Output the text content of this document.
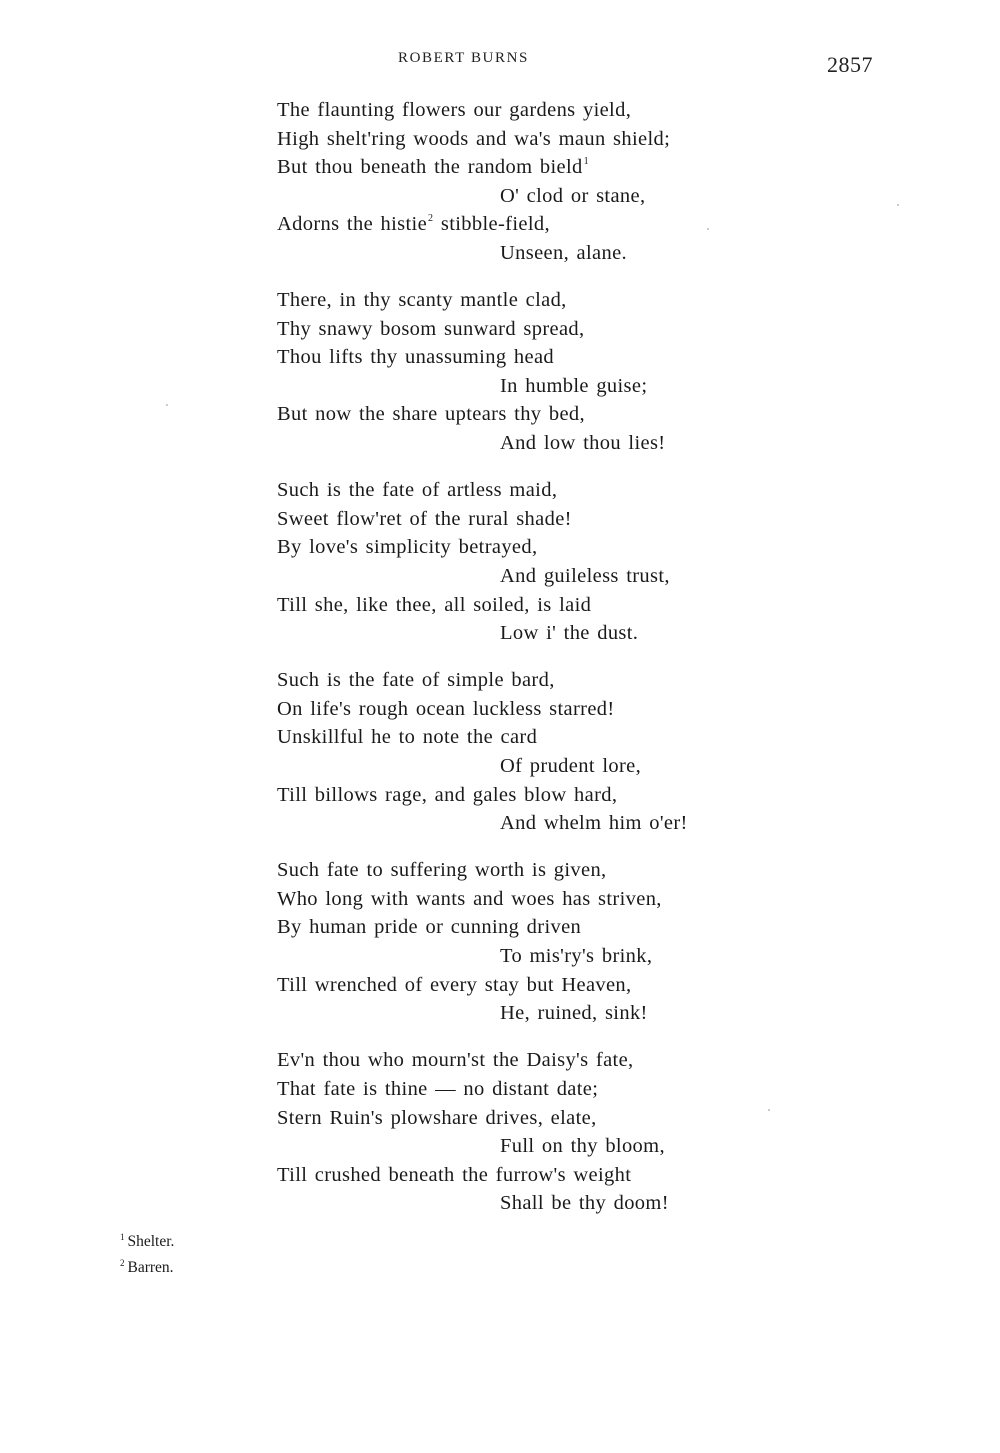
ROBERT BURNS	2857
The flaunting flowers our gardens yield,
High shelt'ring woods and wa's maun shield;
But thou beneath the random bield$^1$
O' clod or stane,
Adorns the histie$^2$ stibble-field,
Unseen, alane.
There, in thy scanty mantle clad,
Thy snawy bosom sunward spread,
Thou lifts thy unassuming head
In humble guise;
But now the share uptears thy bed,
And low thou lies!
Such is the fate of artless maid,
Sweet flow'ret of the rural shade!
By love's simplicity betrayed,
And guileless trust,
Till she, like thee, all soiled, is laid
Low i' the dust.
Such is the fate of simple bard,
On life's rough ocean luckless starred!
Unskillful he to note the card
Of prudent lore,
Till billows rage, and gales blow hard,
And whelm him o'er!
Such fate to suffering worth is given,
Who long with wants and woes has striven,
By human pride or cunning driven
To mis'ry's brink,
Till wrenched of every stay but Heaven,
He, ruined, sink!
Ev'n thou who mourn'st the Daisy's fate,
That fate is thine — no distant date;
Stern Ruin's plowshare drives, elate,
Full on thy bloom,
Till crushed beneath the furrow's weight
Shall be thy doom!
$^1$ Shelter.
$^2$ Barren.
